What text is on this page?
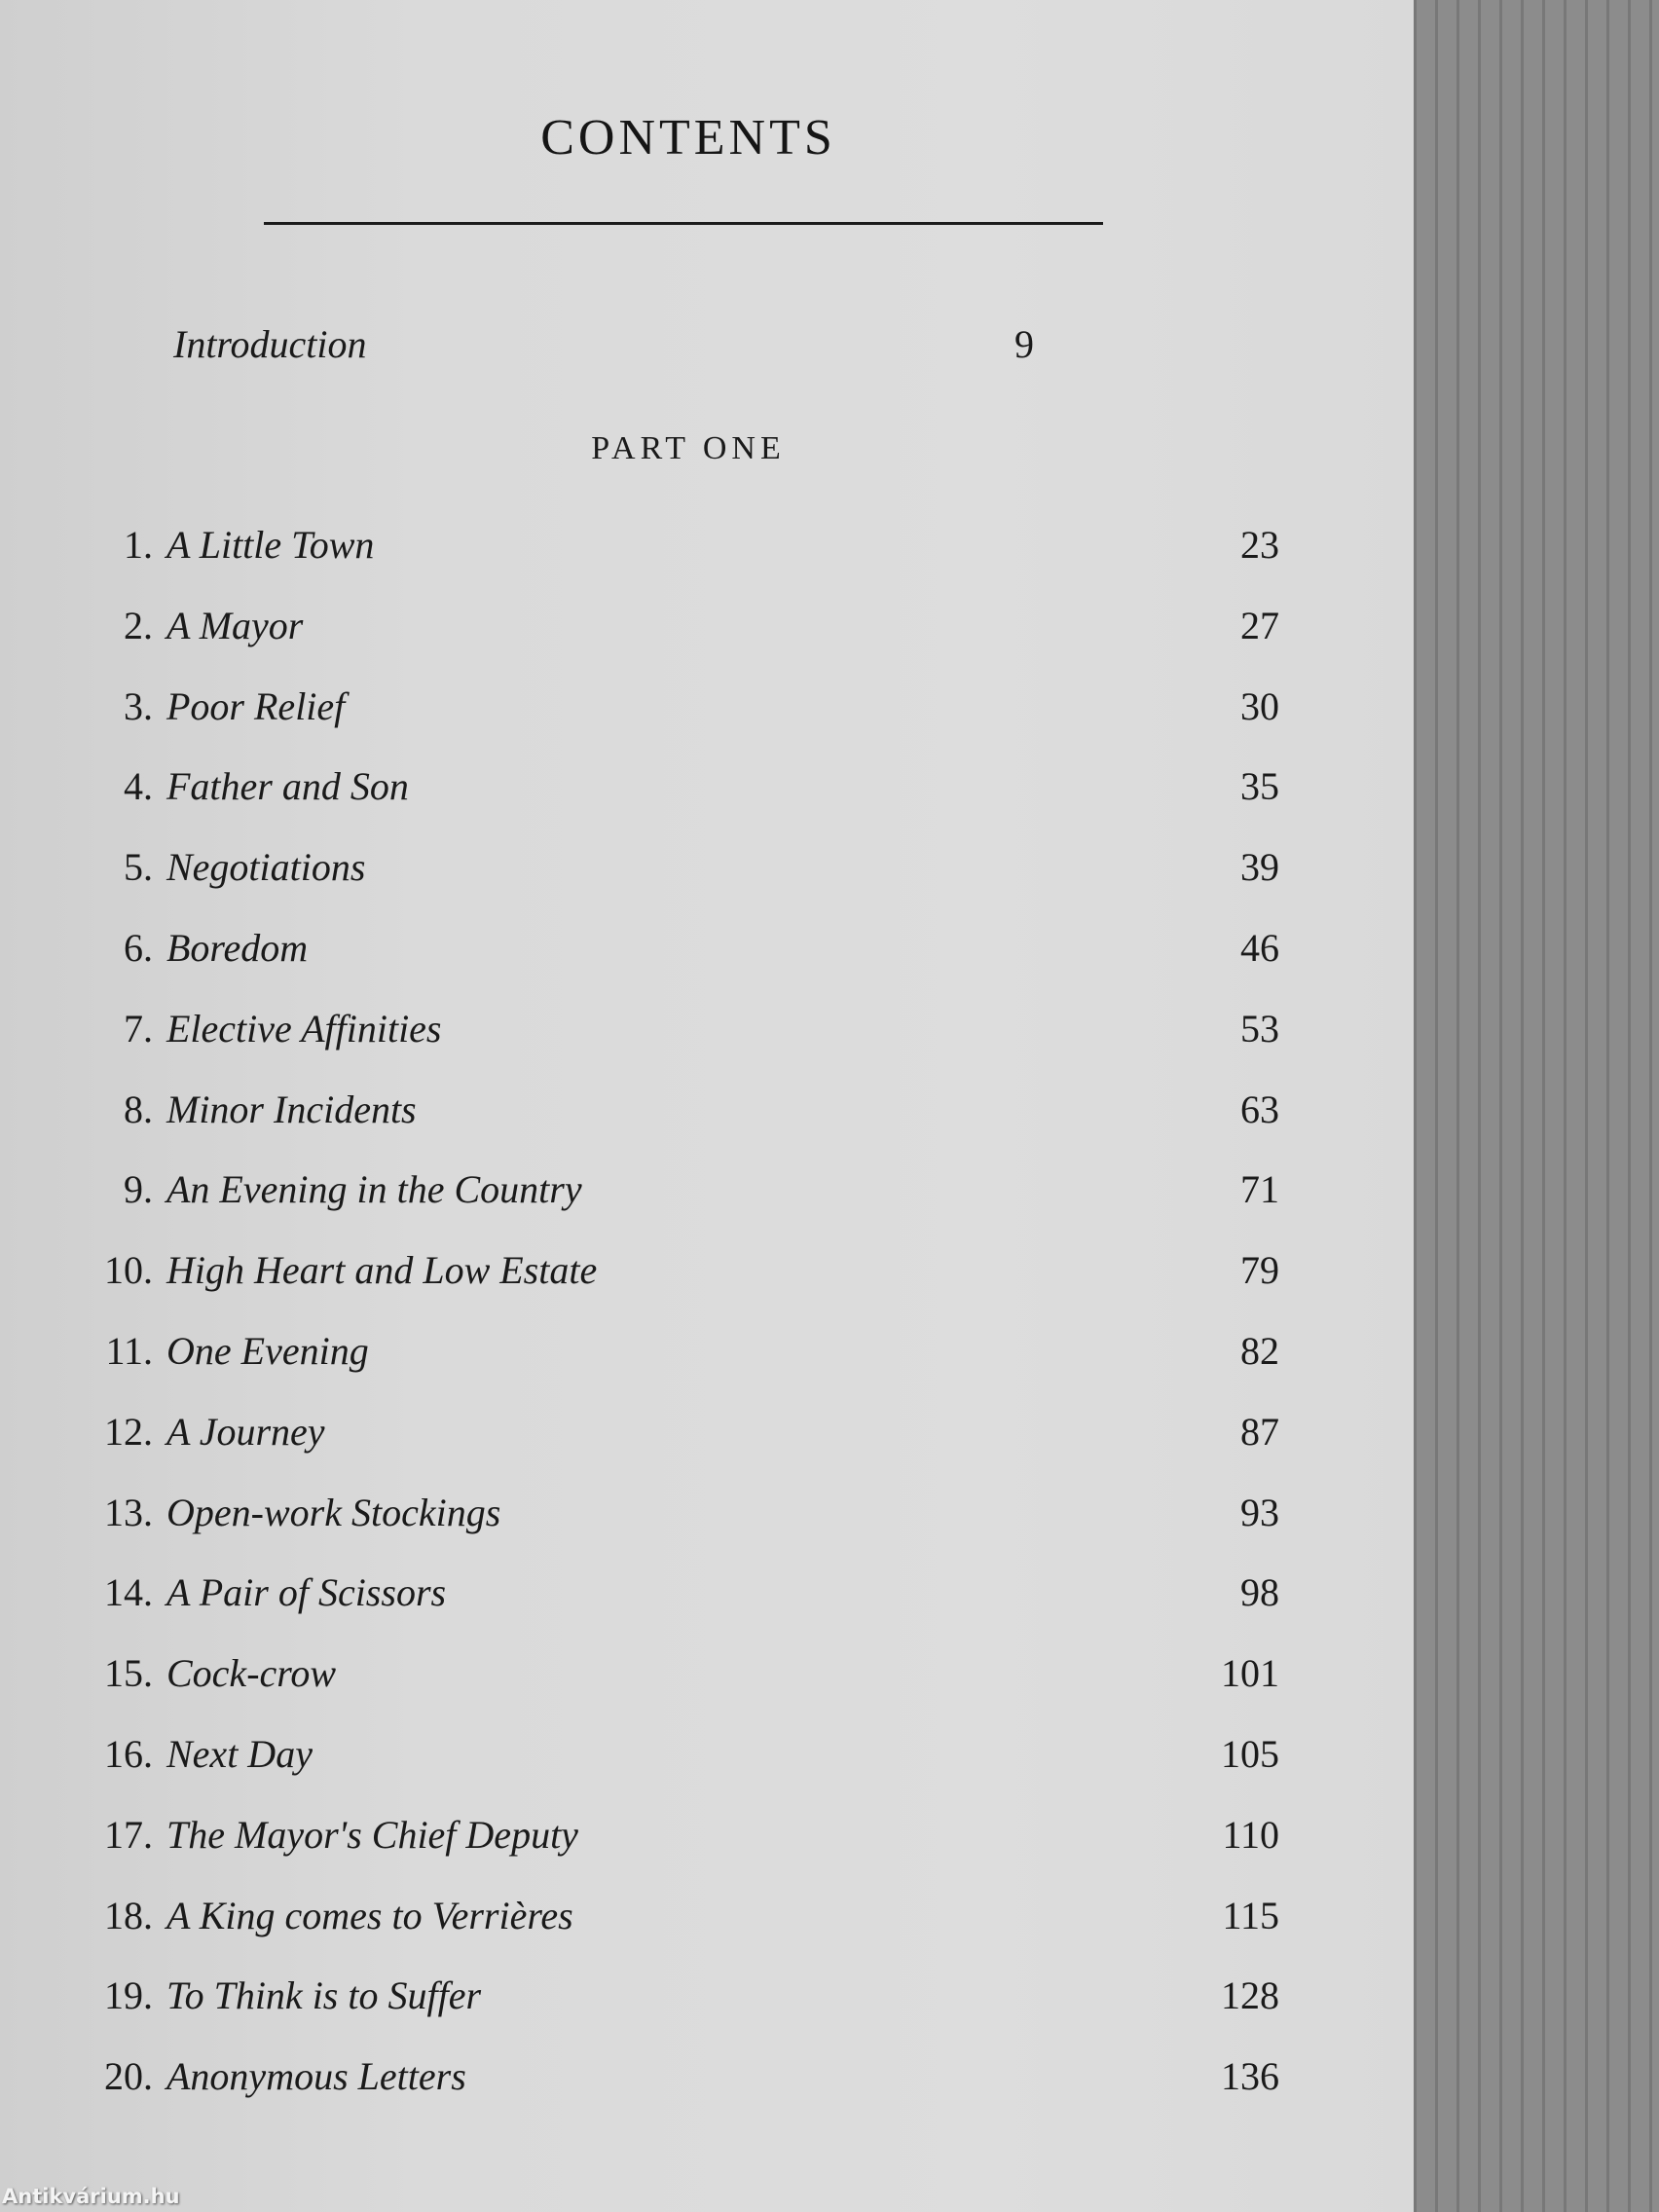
CONTENTS
Introduction	9
PART ONE
1. A Little Town	23
2. A Mayor	27
3. Poor Relief	30
4. Father and Son	35
5. Negotiations	39
6. Boredom	46
7. Elective Affinities	53
8. Minor Incidents	63
9. An Evening in the Country	71
10. High Heart and Low Estate	79
11. One Evening	82
12. A Journey	87
13. Open-work Stockings	93
14. A Pair of Scissors	98
15. Cock-crow	101
16. Next Day	105
17. The Mayor's Chief Deputy	110
18. A King comes to Verrières	115
19. To Think is to Suffer	128
20. Anonymous Letters	136
Antikvárium.hu
